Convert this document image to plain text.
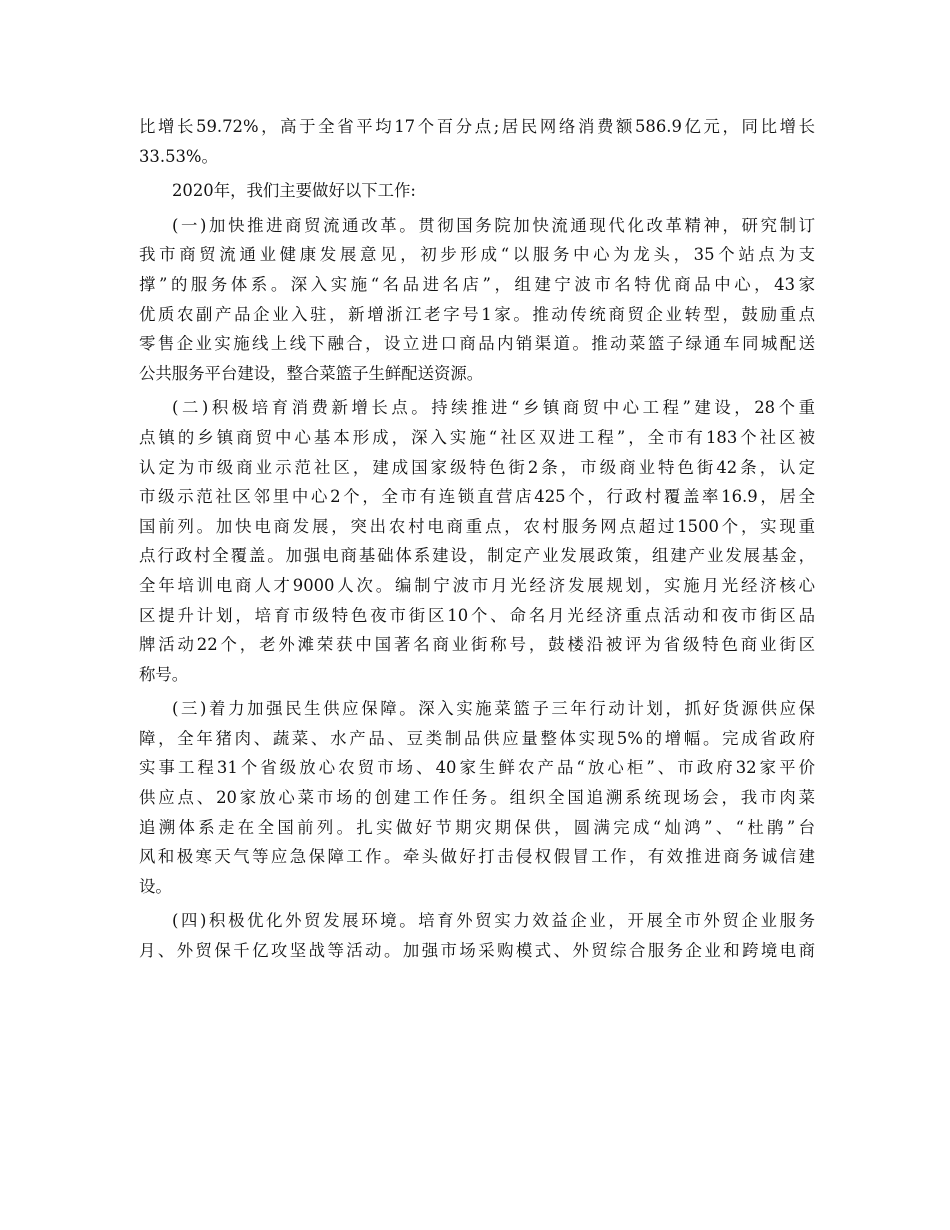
比增长59.72%，高于全省平均17个百分点;居民网络消费额586.9亿元，同比增长
33.53%。
2020年，我们主要做好以下工作:
(一)加快推进商贸流通改革。贯彻国务院加快流通现代化改革精神，研究制订
我市商贸流通业健康发展意见，初步形成“以服务中心为龙头，35个站点为支
撑”的服务体系。深入实施“名品进名店”，组建宁波市名特优商品中心，43家
优质农副产品企业入驻，新增浙江老字号1家。推动传统商贸企业转型，鼓励重点
零售企业实施线上线下融合，设立进口商品内销渠道。推动菜篮子绿通车同城配送
公共服务平台建设，整合菜篮子生鲜配送资源。
(二)积极培育消费新增长点。持续推进“乡镇商贸中心工程”建设，28个重
点镇的乡镇商贸中心基本形成，深入实施“社区双进工程”，全市有183个社区被
认定为市级商业示范社区，建成国家级特色街2条，市级商业特色街42条，认定
市级示范社区邻里中心2个，全市有连锁直营店425个，行政村覆盖率16.9，居全
国前列。加快电商发展，突出农村电商重点，农村服务网点超过1500个，实现重
点行政村全覆盖。加强电商基础体系建设，制定产业发展政策，组建产业发展基金，
全年培训电商人才9000人次。编制宁波市月光经济发展规划，实施月光经济核心
区提升计划，培育市级特色夜市街区10个、命名月光经济重点活动和夜市街区品
牌活动22个，老外滩荣获中国著名商业街称号，鼓楼沿被评为省级特色商业街区
称号。
(三)着力加强民生供应保障。深入实施菜篮子三年行动计划，抓好货源供应保
障，全年猪肉、蔬菜、水产品、豆类制品供应量整体实现5%的增幅。完成省政府
实事工程31个省级放心农贸市场、40家生鲜农产品“放心柜”、市政府32家平价
供应点、20家放心菜市场的创建工作任务。组织全国追溯系统现场会，我市肉菜
追溯体系走在全国前列。扎实做好节期灾期保供，圆满完成“灿鸿”、“杜鹃”台
风和极寒天气等应急保障工作。牵头做好打击侵权假冒工作，有效推进商务诚信建
设。
(四)积极优化外贸发展环境。培育外贸实力效益企业，开展全市外贸企业服务
月、外贸保千亿攻坚战等活动。加强市场采购模式、外贸综合服务企业和跨境电商
